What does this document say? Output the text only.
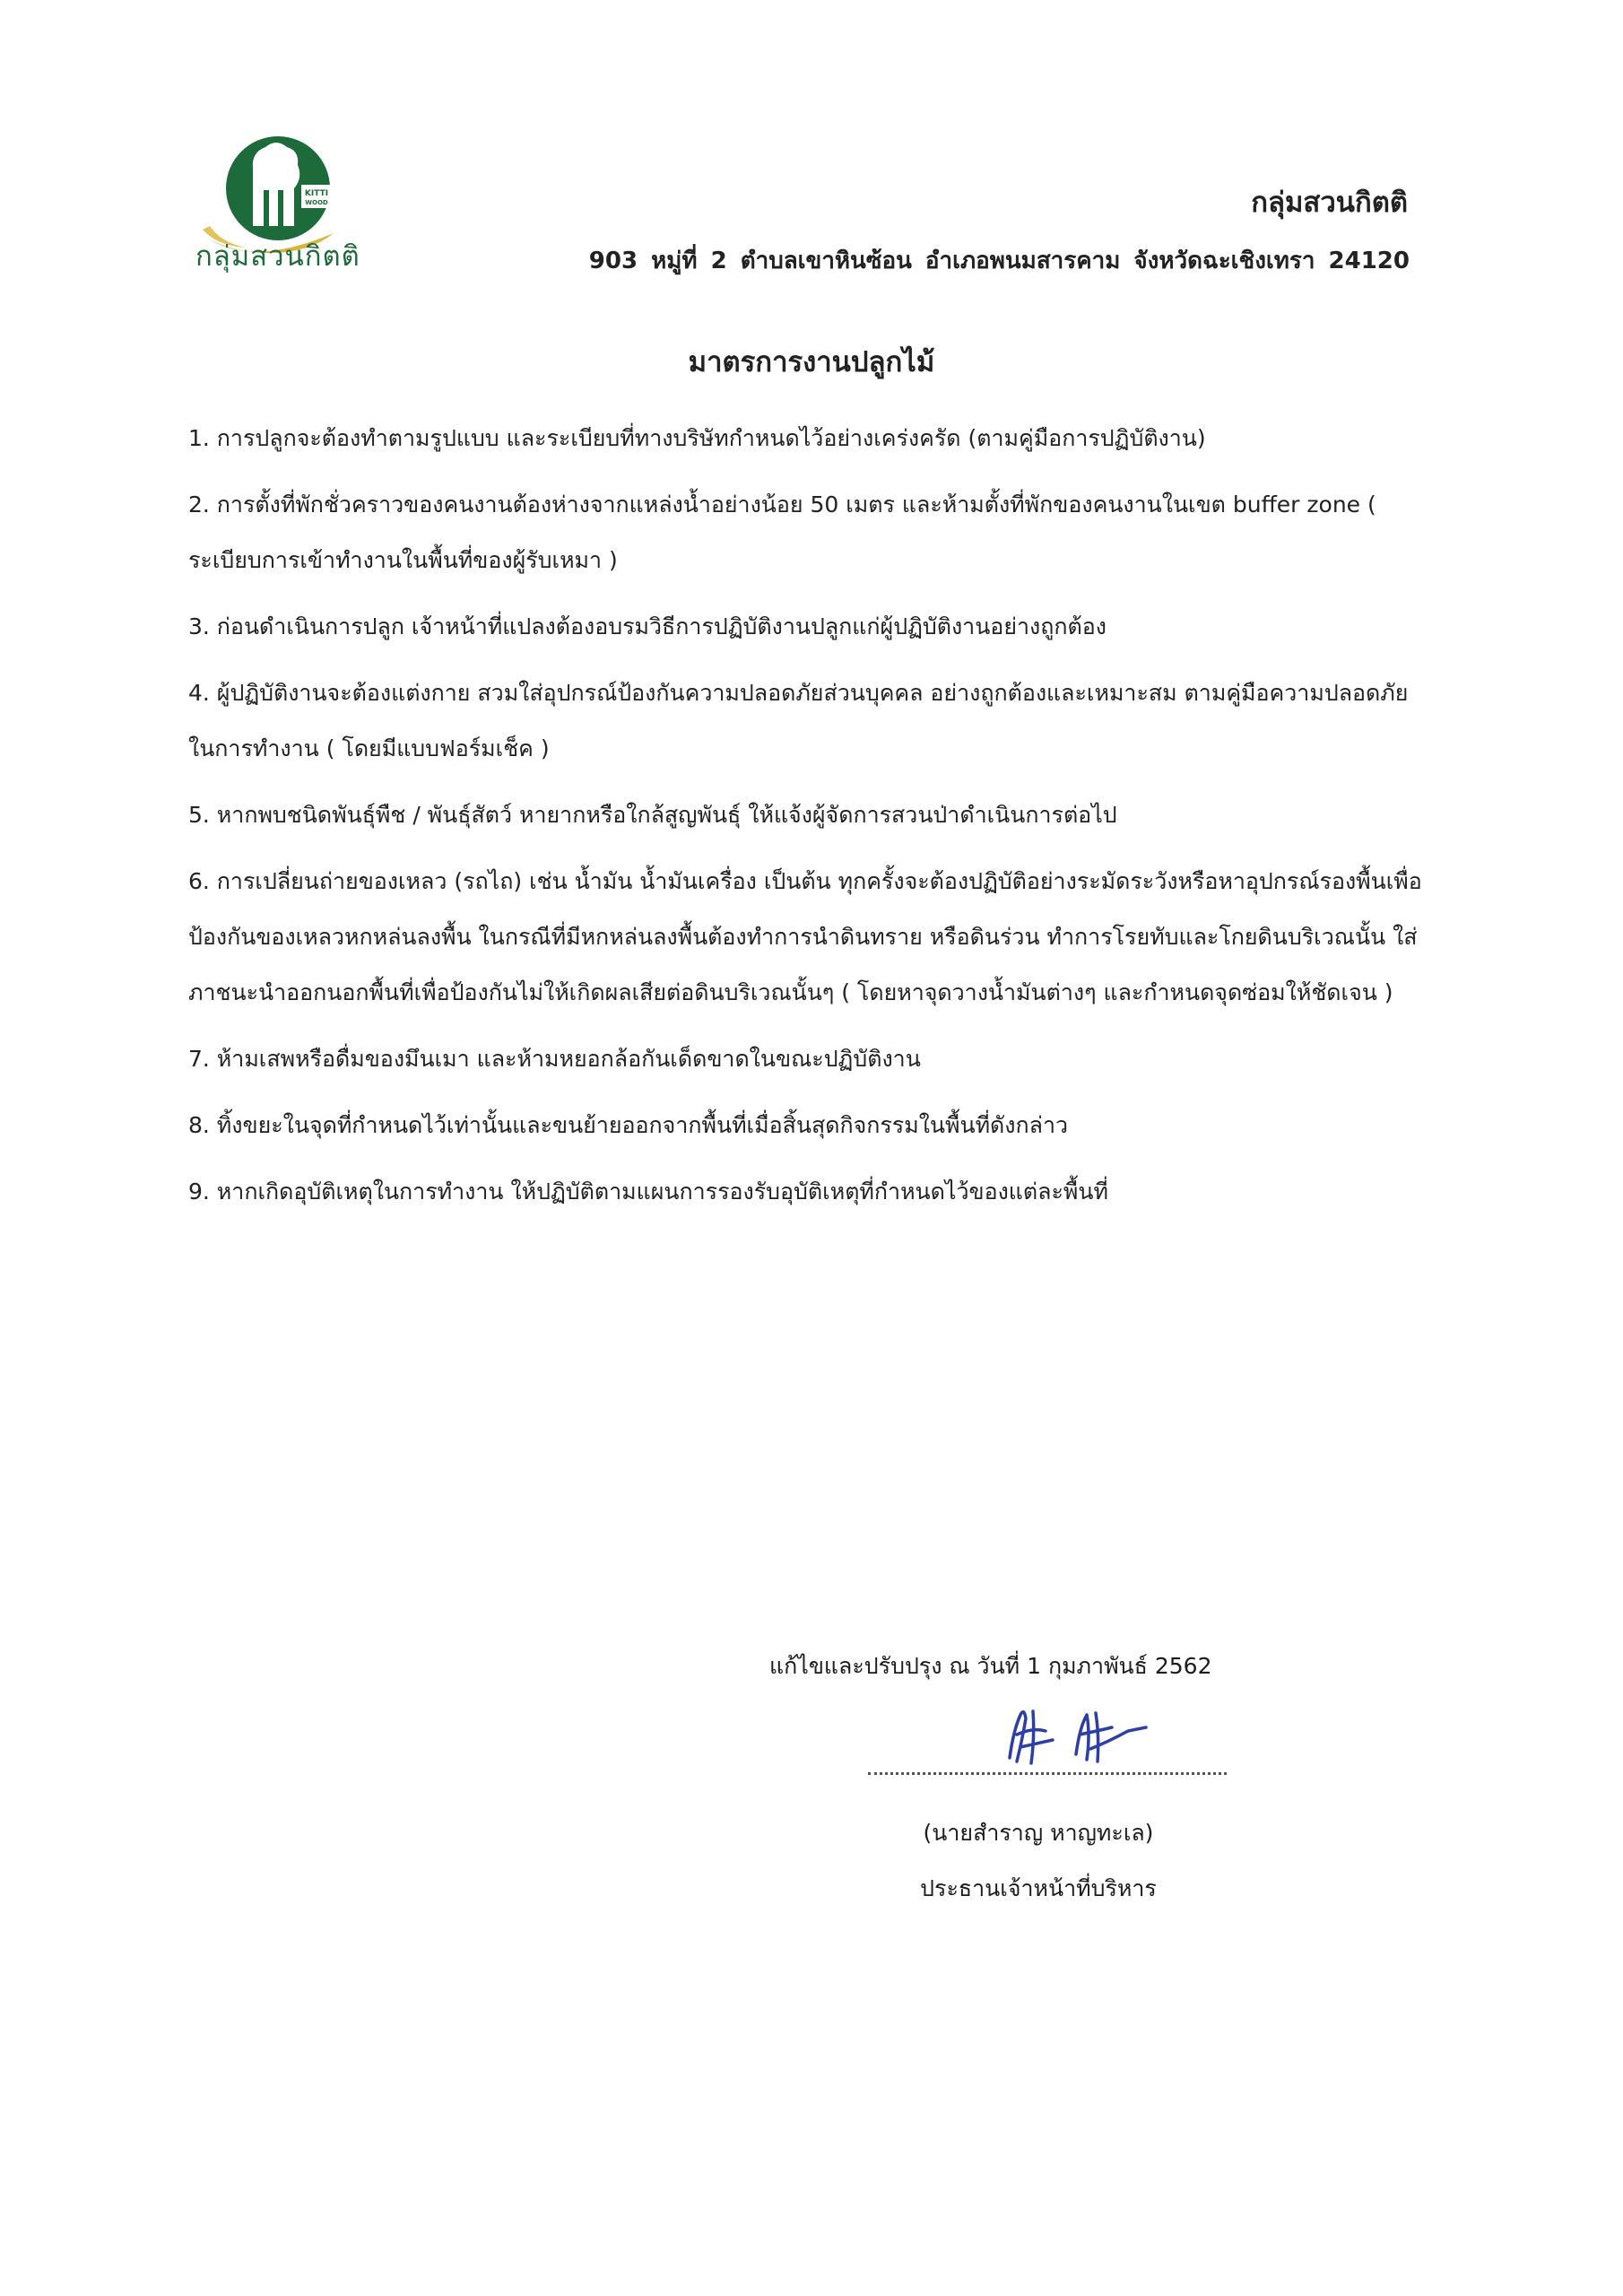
KITTI
WOOD
กลุ่มสวนกิตติ
กลุ่มสวนกิตติ
903 หมู่ที่ 2 ตำบลเขาหินซ้อน อำเภอพนมสารคาม จังหวัดฉะเชิงเทรา 24120
มาตรการงานปลูกไม้
1. การปลูกจะต้องทำตามรูปแบบ และระเบียบที่ทางบริษัทกำหนดไว้อย่างเคร่งครัด (ตามคู่มือการปฏิบัติงาน)
2. การตั้งที่พักชั่วคราวของคนงานต้องห่างจากแหล่งน้ำอย่างน้อย 50 เมตร และห้ามตั้งที่พักของคนงานในเขต buffer zone ( ระเบียบการเข้าทำงานในพื้นที่ของผู้รับเหมา )
3. ก่อนดำเนินการปลูก เจ้าหน้าที่แปลงต้องอบรมวิธีการปฏิบัติงานปลูกแก่ผู้ปฏิบัติงานอย่างถูกต้อง
4. ผู้ปฏิบัติงานจะต้องแต่งกาย สวมใส่อุปกรณ์ป้องกันความปลอดภัยส่วนบุคคล อย่างถูกต้องและเหมาะสม ตามคู่มือความปลอดภัยในการทำงาน ( โดยมีแบบฟอร์มเช็ค )
5. หากพบชนิดพันธุ์พืช / พันธุ์สัตว์ หายากหรือใกล้สูญพันธุ์ ให้แจ้งผู้จัดการสวนป่าดำเนินการต่อไป
6. การเปลี่ยนถ่ายของเหลว (รถไถ) เช่น น้ำมัน น้ำมันเครื่อง เป็นต้น ทุกครั้งจะต้องปฏิบัติอย่างระมัดระวังหรือหาอุปกรณ์รองพื้นเพื่อป้องกันของเหลวหกหล่นลงพื้น ในกรณีที่มีหกหล่นลงพื้นต้องทำการนำดินทราย หรือดินร่วน ทำการโรยทับและโกยดินบริเวณนั้น ใส่ภาชนะนำออกนอกพื้นที่เพื่อป้องกันไม่ให้เกิดผลเสียต่อดินบริเวณนั้นๆ ( โดยหาจุดวางน้ำมันต่างๆ และกำหนดจุดซ่อมให้ชัดเจน )
7. ห้ามเสพหรือดื่มของมึนเมา และห้ามหยอกล้อกันเด็ดขาดในขณะปฏิบัติงาน
8. ทิ้งขยะในจุดที่กำหนดไว้เท่านั้นและขนย้ายออกจากพื้นที่เมื่อสิ้นสุดกิจกรรมในพื้นที่ดังกล่าว
9. หากเกิดอุบัติเหตุในการทำงาน ให้ปฏิบัติตามแผนการรองรับอุบัติเหตุที่กำหนดไว้ของแต่ละพื้นที่
แก้ไขและปรับปรุง ณ วันที่ 1 กุมภาพันธ์ 2562
(นายสำราญ หาญทะเล)
ประธานเจ้าหน้าที่บริหาร
